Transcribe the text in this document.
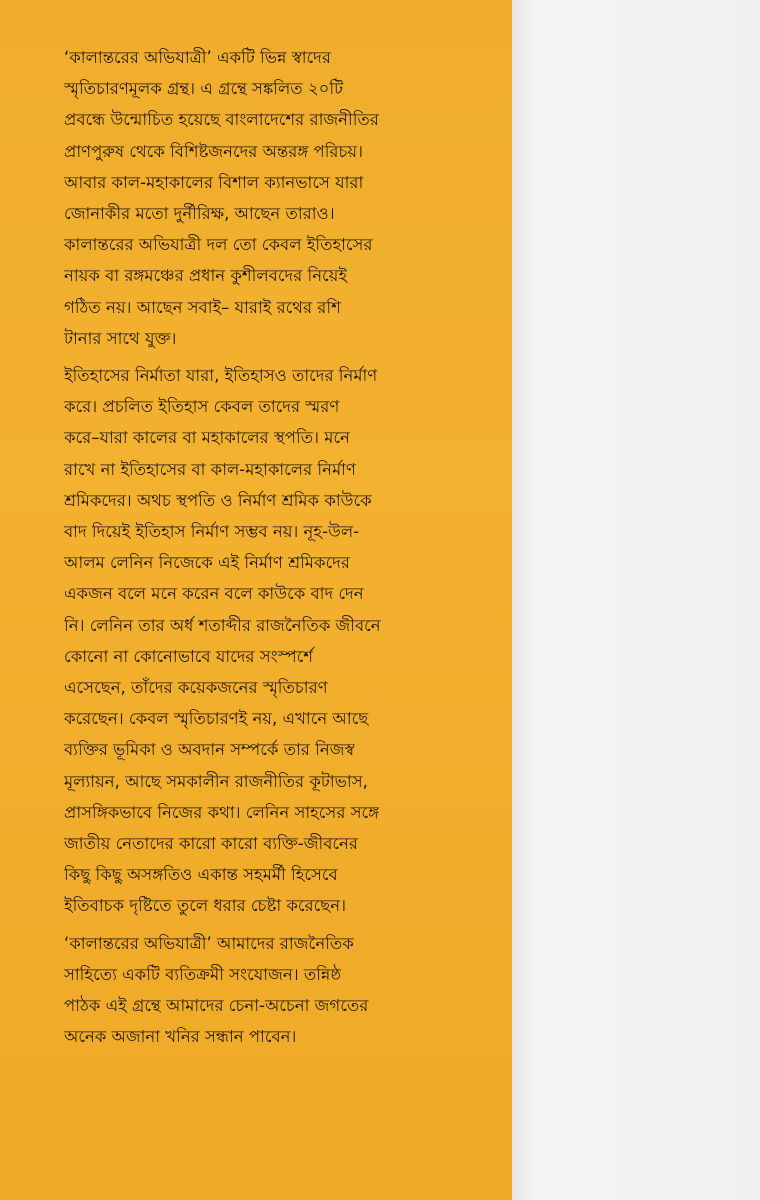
‘কালান্তরের অভিযাত্রী’ একটি ভিন্ন স্বাদের
স্মৃতিচারণমূলক গ্রন্থ। এ গ্রন্থে সঙ্কলিত ২০টি
প্রবন্ধে উন্মোচিত হয়েছে বাংলাদেশের রাজনীতির
প্রাণপুরুষ থেকে বিশিষ্টজনদের অন্তরঙ্গ পরিচয়।
আবার কাল-মহাকালের বিশাল ক্যানভাসে যারা
জোনাকীর মতো দুর্নীরিক্ষ, আছেন তারাও।
কালান্তরের অভিযাত্রী দল তো কেবল ইতিহাসের
নায়ক বা রঙ্গমঞ্চের প্রধান কুশীলবদের নিয়েই
গঠিত নয়। আছেন সবাই– যারাই রথের রশি
টানার সাথে যুক্ত।

ইতিহাসের নির্মাতা যারা, ইতিহাসও তাদের নির্মাণ
করে। প্রচলিত ইতিহাস কেবল তাদের স্মরণ
করে–যারা কালের বা মহাকালের স্থপতি। মনে
রাখে না ইতিহাসের বা কাল-মহাকালের নির্মাণ
শ্রমিকদের। অথচ স্থপতি ও নির্মাণ শ্রমিক কাউকে
বাদ দিয়েই ইতিহাস নির্মাণ সম্ভব নয়। নূহ-উল-
আলম লেনিন নিজেকে এই নির্মাণ শ্রমিকদের
একজন বলে মনে করেন বলে কাউকে বাদ দেন
নি। লেনিন তার অর্ধ শতাব্দীর রাজনৈতিক জীবনে
কোনো না কোনোভাবে যাদের সংস্পর্শে
এসেছেন, তাঁদের কয়েকজনের স্মৃতিচারণ
করেছেন। কেবল স্মৃতিচারণই নয়, এখানে আছে
ব্যক্তির ভূমিকা ও অবদান সম্পর্কে তার নিজস্ব
মূল্যায়ন, আছে সমকালীন রাজনীতির কূটাভাস,
প্রাসঙ্গিকভাবে নিজের কথা। লেনিন সাহসের সঙ্গে
জাতীয় নেতাদের কারো কারো ব্যক্তি-জীবনের
কিছু কিছু অসঙ্গতিও একান্ত সহমর্মী হিসেবে
ইতিবাচক দৃষ্টিতে তুলে ধরার চেষ্টা করেছেন।

‘কালান্তরের অভিযাত্রী’ আমাদের রাজনৈতিক
সাহিত্যে একটি ব্যতিক্রমী সংযোজন। তন্নিষ্ঠ
পাঠক এই গ্রন্থে আমাদের চেনা-অচেনা জগতের
অনেক অজানা খনির সন্ধান পাবেন।
